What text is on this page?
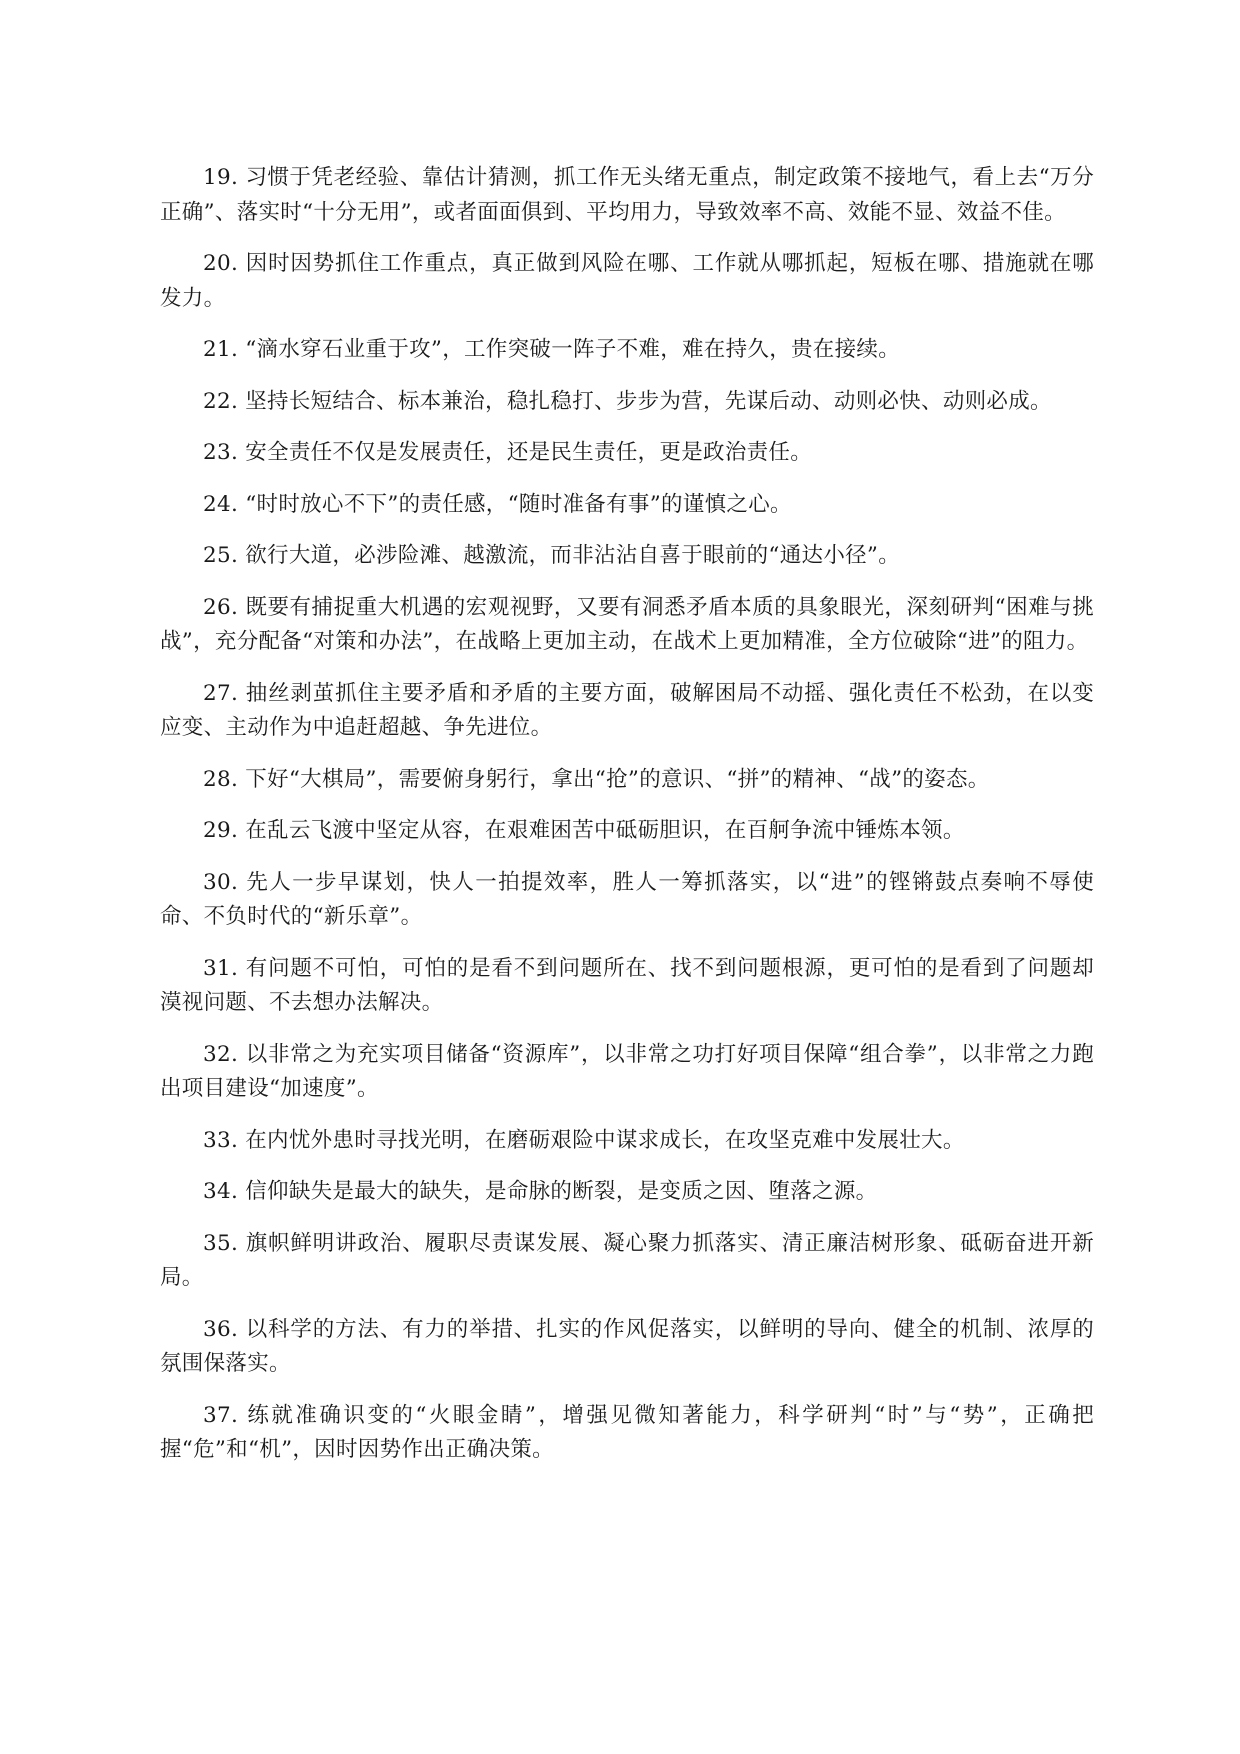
19. 习惯于凭老经验、靠估计猜测，抓工作无头绪无重点，制定政策不接地气，看上去“万分正确”、落实时“十分无用”，或者面面俱到、平均用力，导致效率不高、效能不显、效益不佳。

20. 因时因势抓住工作重点，真正做到风险在哪、工作就从哪抓起，短板在哪、措施就在哪发力。

21. “滴水穿石业重于攻”，工作突破一阵子不难，难在持久，贵在接续。

22. 坚持长短结合、标本兼治，稳扎稳打、步步为营，先谋后动、动则必快、动则必成。

23. 安全责任不仅是发展责任，还是民生责任，更是政治责任。

24. “时时放心不下”的责任感，“随时准备有事”的谨慎之心。

25. 欲行大道，必涉险滩、越激流，而非沾沾自喜于眼前的“通达小径”。

26. 既要有捕捉重大机遇的宏观视野，又要有洞悉矛盾本质的具象眼光，深刻研判“困难与挑战”，充分配备“对策和办法”，在战略上更加主动，在战术上更加精准，全方位破除“进”的阻力。

27. 抽丝剥茧抓住主要矛盾和矛盾的主要方面，破解困局不动摇、强化责任不松劲，在以变应变、主动作为中追赶超越、争先进位。

28. 下好“大棋局”，需要俯身躬行，拿出“抢”的意识、“拼”的精神、“战”的姿态。

29. 在乱云飞渡中坚定从容，在艰难困苦中砥砺胆识，在百舸争流中锤炼本领。

30. 先人一步早谋划，快人一拍提效率，胜人一筹抓落实，以“进”的铿锵鼓点奏响不辱使命、不负时代的“新乐章”。

31. 有问题不可怕，可怕的是看不到问题所在、找不到问题根源，更可怕的是看到了问题却漠视问题、不去想办法解决。

32. 以非常之为充实项目储备“资源库”，以非常之功打好项目保障“组合拳”，以非常之力跑出项目建设“加速度”。

33. 在内忧外患时寻找光明，在磨砺艰险中谋求成长，在攻坚克难中发展壮大。

34. 信仰缺失是最大的缺失，是命脉的断裂，是变质之因、堕落之源。

35. 旗帜鲜明讲政治、履职尽责谋发展、凝心聚力抓落实、清正廉洁树形象、砥砺奋进开新局。

36. 以科学的方法、有力的举措、扎实的作风促落实，以鲜明的导向、健全的机制、浓厚的氛围保落实。

37. 练就准确识变的“火眼金睛”，增强见微知著能力，科学研判“时”与“势”，正确把握“危”和“机”，因时因势作出正确决策。
